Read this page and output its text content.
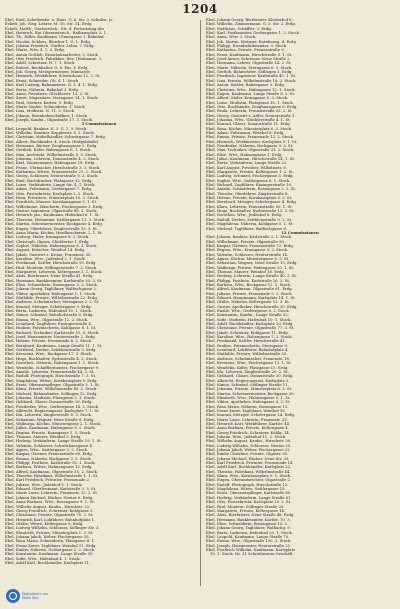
1204

Ebel, Emil, Scheibenbe. u. Hans. G. 6. Str. 3. Schulen. Jr.

Eckelt, Joh. Sieg. Lehrer. M. 16. Str. 14. Erdg.

Eckelt, Matth., Gastwirtsch., Str. 4. Fortsetzung des

Ebel, Heinrich, Rat Oberamtsrich., Rathausplatz 3. 1.

Ebel, Th., Hiller, Kaufmann, Ulmergasse 1. Bahnhof

Ebel, Nicolai, Schloss, Bleicher 1. G. 1. Erdg.

Ebel, Johann Friedrich, Gürtler, Lehm. 7. Erdg.

Ebel, Marie, Wtw. 4. 1. 3. Erdg.

Ebel, Anton Gottlob, Eisenbahnarbeiter, 3. Stock

Ebel, Otto Friedrich, Fabrikbes. Bes. (Hofmann). 1.

Ebel, Adolf, Schreiner. N. 7. 1. Stock

Ebel, Robert, Buchhalter. G. 8. Ein. 3. Erdg.

Ebel, Joh. Georg, Metzgermeister, Mansarde

Ebel, Heinrich, Werkführer, Schwörhaus 12. 2. St.

Ebel, Ernst, Schneider. Ob. 4. 1. Stock

Ebel, Karl Ludwig, Bahnmeister. G. 3. 4. 1. Erdg.

Ebel, Berta, Näherin. Bahnhof 3. Erdg.

Ebel, Anna, Privatiere, Glöcklerstr. 13. 2. St.

Ebel, Xaver, Magazinier, Sterngasse 14. 1. Stock.

Ebel, Paul, Gärtner, Karlstr. 9. Erdg.

Ebel, Marie Sophie, Schneiderin, 1. Stock

Ebel, Lina, Modistin. N. 11. 3. Stock

Ebel, Johann, Eisenbahnschaffner, 1. Stock

Ebel, Joseph, Kaufm., Olgastraße 17. 3. Stock.

5 Commissionen

Ebel, Leopold, Bankier. N. 3. G. 1. 9. Stock.

Ebel, Wilhelm, Rentner. Kepplerstr. 8. 2. Stock.

Ebel, Christian, Möbelhändler, Schwörgasse 7. Erdg.

Ebel, Albert, Buchbinder, 4. Stock. (Hofgebäude)

Ebel, Hermann, Bäcker, Zeughausgasse 2. Erdg.

Ebel, Gottlieb, Küfer, Rabengasse 6. 1. Stock.

Ebel, Max, Architekt, Wilhelmstraße 5. 3. Stock.

Ebel, Johanna, Lehrerin, Donaustraße 4. 2. Stock.

Ebel, Karl, Zimmermann, Hafengasse 18. Erdg.

Ebel, Franz, Uhrmacher, Hirschstraße 3. 1. Stock.

Ebel, Katharina, Witwe, Frauenstraße 21. 2. Stock.

Ebel, Georg, Schlosser, Neutorstraße 9. 3. Stock.

Ebel, Emil, Buchdrucker, Platzgasse 12. Erdg.

Ebel, Luise, Verkäuferin, Lange Str. 4. 1. Stock.

Ebel, Adam, Fuhrmann, Gerbergasse 7. Erdg.

Ebel, Otto, Postsekretär, Karlsplatz 2. 2. Stock.

Ebel, Rosa, Privatiere, Münsterplatz 10. 3. Stock.

Ebel, Friedrich, Maurer, Kornhausgasse 5. 1. St.

Ebel, Wilhelmine, Wäscherin, Fischergasse 3. Erdg.

Ebel, Gustav, Ingenieur, Olgastraße 88. 2. Stock.

Ebel, Heinrich jun., Kaufmann, Hafenbad 6. 1. St.

Ebel, Theresia, Hebamme, Sattlergasse 11. 2. Stock.

Ebel, Martin, Schreinermeister, Bockgasse 4. Erdg.

Ebel, Eugen, Oberlehrer, Zinglerstraße 15. 3. St.

Ebel, Anna Maria, Köchin, Herdbruckerstr. 2. 1. St.

Ebel, Ludwig, Maler, Kramgasse 8. 2. Stock.

Ebel, Christoph, Gipser, Glöcklertor 1. Erdg.

Ebel, Sophie, Näherin, Hahnengasse 6. 3. Stock.

Ebel, August, Kutscher, Weinhof 14. Erdg.

Ebel, Jakob, Gastwirt z. Krone, Frauenstr. 30.

Ebel, Karoline, Wtw., Judenhof 2. 1. Stock.

Ebel, Ferdinand, Sattler, Hirschstraße 19. Erdg.

Ebel, Paul, Monteur, Söflingerstraße 7. 2. Stock.

Ebel, Margarete, Lehrerin, Keltergasse 3. 1. Stock.

Ebel, Alois, Bierbrauer, Neue Straße 41. Erdg.

Ebel, Hermann, Bankbeamter, Karlstraße 30. 3. St.

Ebel, Elise, Schneiderin, Rosengasse 5. 2. Stock.

Ebel, Johann Georg, Taglöhner, Walfischgasse 2.

Ebel, Viktor, Apotheker, Hafengasse 1. 1. Stock.

Ebel, Mathilde, Private, Wilhelmstraße 22. Erdg.

Ebel, Andreas, Schuhmacher, Sterngasse 2. 2. St.

Ebel, Konrad, Metzger, Schelergasse 9. Erdg.

Ebel, Berta, Ladnerin, Hafenbad 15. 1. Stock.

Ebel, Simon, Schmied, Bahnhofstraße 6. Erdg.

Ebel, Emma, Wtw., Olgastraße 12. 2. Stock.

Ebel, Leonhard, Zugführer, Ensingerstraße 4.

Ebel, Pauline, Putzmacherin, Kohlgasse 8. 1. St.

Ebel, Richard, Techniker, Karlstraße 51. 3. Stock.

Ebel, Josef, Hausmeister, Neutorstraße 2. Erdg.

Ebel, Helene, Private, Promenade 6. 2. Stock.

Ebel, Bernhard, Kaufmann, Lange Straße 11. 1. St.

Ebel, Gottfried, Dreher, Zeitblomstraße 3. Erdg.

Ebel, Kreszenz, Wtw., Bockgasse 17. 3. Stock.

Ebel, Hugo, Buchhalter, Syrlinstraße 4. 2. Stock.

Ebel, Dorothea, Näherin, Rabengasse 1. 1. Stock.

Ebel, Wendelin, Schäfflermeister, Fischergasse 9.

Ebel, Amalie, Lehrerin, Frauenstraße 44. 2. St.

Ebel, Rudolf, Photograph, Hirschstraße 7. 3. St.

Ebel, Magdalena, Witwe, Kornhausplatz 5. Erdg.

Ebel, Ernst, Oberamtspfleger, Olgastraße 3. 1. St.

Ebel, Klara, Private, Wilhelmstraße 40. 2. Stock.

Ebel, Michael, Bahnarbeiter, Söflingen 12. Erdg.

Ebel, Johanna, Modistin, Platzgasse 3. 1. Stock.

Ebel, Gebhard, Glaser, Donaustraße 20. Erdg.

Ebel, Friederike, Wtw., Gerbergasse 14. 2. Stock.

Ebel, Albrecht, Regierungsrat, Karlsplatz 7. 1. St.

Ebel, Ida, Lehrerin, Zinglerstraße 6. 3. Stock.

Ebel, Sebastian, Wagner, Neue Straße 8. Erdg.

Ebel, Walburga, Köchin, Münstergasse 2. 1. Stock.

Ebel, Julius, Kaufmann, Hafengasse 9. 2. Stock.

Ebel, Regina, Private, Kramgasse 1. 3. Stock.

Ebel, Thomas, Maurer, Weinhof 3. Erdg.

Ebel, Hedwig, Verkäuferin, Lange Straße 19. 1. St.

Ebel, Valentin, Schlosser, Schwörhausgasse 4.

Ebel, Agnes, Wtw., Sattlergasse 2. 2. Stock.

Ebel, Kaspar, Gärtner, Frauenstraße 60. Erdg.

Ebel, Rosina, Näherin, Bockgasse 3. 3. Stock.

Ebel, Philipp, Postbote, Karlstraße 18. 1. Stock.

Ebel, Barbara, Witwe, Hahnengasse 12. Erdg.

Ebel, Alfred, Kaufmann, Olgastraße 55. 2. Stock.

Ebel, Theodor, Fabrikant, Wilhelmstraße 1. 1. St.

Ebel, Karl Friedrich, Privatier, Promenade 2.

Ebel, Juliane, Wtw., Judenhof 5. 1. Stock.

Ebel, Eduard, Oberleutnant, Karlstraße 3. 3. St.

Ebel, Marie Luise, Lehrerin, Frauenstr. 12. 2. St.

Ebel, Johann Michael, Bäcker, Neutor 6. Erdg.

Ebel, Anna Barbara, Wtw., Rosengasse 9. 1. St.

Ebel, Wilhelm August, Kaufm., Hirschstr. 22.

Ebel, Georg Friedrich, Schreiner, Kohlgasse 2.

Ebel, Christiane, Private, Olgastraße 70. 2. St.

Ebel, Heinrich Karl, Lokführer, Bahnhofplatz 1.

Ebel, Ottilie, Witwe, Keltergasse 8. Erdg.

Ebel, Ludwig Wilhelm, Schlosser, Söflinger Str. 3.

Ebel, Elisabeth, Private, Münsterplatz 1. 3. St.

Ebel, Johann Jakob, Weber, Fischergasse 20.

Ebel, Rosa Maria, Schneiderin, Platzgasse 8. 1.

Ebel, Franz Xaver, Taglöhner, Weinhof 11. Erdg.

Ebel, Emilie, Näherin, Gerbergasse 2. 2. Stock.

Ebel, Konstantin, Kaufmann, Lange Straße 30.

Ebel, Sofie, Wtw., Hafenbad 4. 1. Stock.

Ebel, Adolf Karl, Buchhändler, Karlsplatz 11.

Ebel, Johann Georg, Bierbrauer. Klosterhof 6.

Ebel, Wilhelm, Zimmermann. G. 5. Str. 2. Erdg.

Ebel, Matthäus, Schäffler. 3. Erdg.

Ebel, Karl, Postbeamter, Gerbergasse 1. 2. Stock.

Ebel, Anna, Wtw. 2. Stock.

Ebel, Joh. Martin, Metzger, Kornhausg. 4. Erdg.

Ebel, Philipp, Eisenbahnbeamter, 3. Stock

Ebel, Katharina, Private, Frauenstraße 9.

Ebel, Ernst, Kaufmann, Hirschstraße 5. 1. St.

Ebel, Josef Anton, Schreiner, Neue Straße 2.

Ebel, Hermann, Lehrer, Olgastraße 14. 2. St.

Ebel, Marie, Näherin, Sterngasse 6. 3. Stock.

Ebel, Gottlob, Bahnwärter, Söflingen 2. Erdg.

Ebel, Friedrich, Ingenieur, Karlstraße 40. 1. St.

Ebel, Lina, Private, Wilhelmstraße 18. 2. Stock.

Ebel, Anton, Sattler, Rabengasse 3. Erdg.

Ebel, Christine, Wtw., Hafengasse 12. 1. Stock.

Ebel, Eugen, Kaufmann, Lange Straße 8. 2. St.

Ebel, Albert, Maler, Kramgasse 5. 3. Stock.

Ebel, Luise, Modistin, Platzgasse 10. 1. Stock.

Ebel, Otto, Buchbinder, Zeughausgasse 6. Erdg.

Ebel, Paula, Lehrerin, Frauenstraße 33. 2. St.

Ebel, Georg, Gastwirt z. Adler, Neutorstraße 1.

Ebel, Johanna, Wtw., Glöcklerstraße 4. 1. St.

Ebel, Konrad, Glaser, Donaustraße 11. Erdg.

Ebel, Rosa, Köchin, Münsterplatz 6. 3. Stock.

Ebel, Adam, Fuhrmann, Weinhof 8. Erdg.

Ebel, Emma, Private, Promenade 12. 2. Stock.

Ebel, Heinrich, Werkmeister, Karlsplatz 9. 1. St.

Ebel, Friederike, Näherin, Bockgasse 9. 3. St.

Ebel, Max, Techniker, Olgastraße 31. 2. Stock.

Ebel, Elise, Wtw., Hahnengasse 1. Erdg.

Ebel, Julius, Kaufmann, Hirschstraße 14. 1. St.

Ebel, Berta, Verkäuferin, Lange Straße 22.

Ebel, Karl August, Privatier, Wilhelmstr. 9.

Ebel, Margarete, Private, Keltergasse 1. 2. St.

Ebel, Ludwig, Schmied, Fischergasse 5. Erdg.

Ebel, Sophie, Wtw., Sattlergasse 8. 1. Stock.

Ebel, Richard, Zugführer, Ensingerstraße 10.

Ebel, Amalie, Schneiderin, Rosengasse 2. 3. St.

Ebel, Theodor, Oberlehrer, Zinglerstraße 8.

Ebel, Helene, Private, Kornhausplatz 3. 2. St.

Ebel, Bernhard, Metzger, Schelergasse 4. Erdg.

Ebel, Klara, Lehrerin, Frauenstraße 50. 1. St.

Ebel, Hugo, Buchhalter, Syrlinstraße 12. 3. St.

Ebel, Dorothea, Wtw., Judenhof 8. Erdg.

Ebel, Rudolf, Dreher, Zeitblomstraße 9. 2. St.

Ebel, Magdalena, Näherin, Kohlgasse 5. 1. St.

Ebel, Michael, Taglöhner, Walfischgasse 6.

12 Commissionen

Ebel, Johann, Bankier, Karlstraße 2. 1. Stock.

Ebel, Wilhelmine, Private, Olgastraße 90.

Ebel, Kaspar, Gärtner, Frauenstraße 72. Erdg.

Ebel, Regina, Wtw., Kramgasse 9. 2. Stock.

Ebel, Valentin, Schlosser, Neutorstraße 14.

Ebel, Agnes, Köchin, Münstergasse 5. 3. St.

Ebel, Sebastian, Wagner, Neue Straße 15. Erdg.

Ebel, Walburga, Private, Hafengasse 20. 1. St.

Ebel, Thomas, Maurer, Weinhof 16. Erdg.

Ebel, Hedwig, Lehrerin, Lange Straße 40. 2. St.

Ebel, Philipp, Postbote, Karlstraße 26. 3. St.

Ebel, Barbara, Wtw., Bockgasse 12. 1. Stock.

Ebel, Alfred, Kaufmann, Olgastraße 61. Erdg.

Ebel, Juliane, Private, Promenade 9. 2. Stock.

Ebel, Eduard, Hauptmann, Karlsplatz 14. 1. St.

Ebel, Ottilie, Näherin, Keltergasse 12. 3. St.

Ebel, Gustav, Apotheker, Hirschstraße 30. Erdg.

Ebel, Emilie, Wtw., Gerbergasse 8. 2. Stock.

Ebel, Konstantin, Kaufm., Lange Straße 52.

Ebel, Sofie, Modistin, Hafenbad 10. 1. Stock.

Ebel, Adolf, Buchhändler, Karlsplatz 20. Erdg.

Ebel, Christiane, Private, Olgastraße 77. 3. St.

Ebel, Jakob, Schreiner, Kohlgasse 11. Erdg.

Ebel, Karoline, Wtw., Rabengasse 7. 2. Stock.

Ebel, Ferdinand, Sattler, Hirschstraße 41.

Ebel, Pauline, Putzmacherin, Sterngasse 9.

Ebel, Leonhard, Lokführer, Bahnhofplatz 4.

Ebel, Mathilde, Private, Wilhelmstraße 33.

Ebel, Andreas, Schuhmacher, Frauenstr. 18.

Ebel, Kreszenz, Wtw., Fischergasse 13. 1. St.

Ebel, Wendelin, Küfer, Platzgasse 15. Erdg.

Ebel, Ida, Lehrerin, Zinglerstraße 20. 2. St.

Ebel, Gebhard, Glaser, Donaustraße 30. Erdg.

Ebel, Albrecht, Regierungsrat, Karlsplatz 3.

Ebel, Simon, Schmied, Söflinger Straße 11.

Ebel, Johanna, Private, Münsterplatz 8. 3. St.

Ebel, Martin, Schreinermeister, Bockgasse 20.

Ebel, Elisabeth, Wtw., Hahnengasse 5. 1. St.

Ebel, Viktor, Apotheker, Hafengasse 3. 2. St.

Ebel, Rosa Maria, Näherin, Rosengasse 11.

Ebel, Franz Xaver, Taglöhner, Weinhof 19.

Ebel, Konrad, Metzger, Schelergasse 14. Erdg.

Ebel, Marie Luise, Lehrerin, Frauenstr. 25.

Ebel, Heinrich Karl, Werkführer, Karlstr. 44.

Ebel, Anna Barbara, Private, Keltergasse 4.

Ebel, Georg Friedrich, Schreiner, Kohlg. 14.

Ebel, Juliane, Wtw., Judenhof 11. 2. Stock.

Ebel, Wilhelm August, Kaufm., Hirschstr. 50.

Ebel, Ludwig Wilhelm, Schlosser, Neutor 20.

Ebel, Johann Jakob, Weber, Fischergasse 22.

Ebel, Emilie Christine, Private, Olgastr. 95.

Ebel, Johann Michael, Bäcker, Neue Str. 33.

Ebel, Karl Friedrich, Privatier, Promenade 14.

Ebel, Adolf Karl, Buchhändler, Karlsplatz 22.

Ebel, Theodor, Fabrikant, Wilhelmstraße 44.

Ebel, Klara, Wtw., Kornhausplatz 9. 1. Stock.

Ebel, Eugen, Oberamtsrichter, Olgastraße 2.

Ebel, Rudolf, Photograph, Hirschstraße 12.

Ebel, Magdalena, Witwe, Sattlergasse 15.

Ebel, Ernst, Oberamtspfleger, Karlstraße 60.

Ebel, Hedwig, Verkäuferin, Lange Straße 61.

Ebel, Otto, Postsekretär, Karlsplatz 25. 2. St.

Ebel, Paul, Monteur, Söflinger Straße 20.

Ebel, Margarete, Private, Keltergasse 14.

Ebel, Alois, Bierbrauer, Neue Straße 48. Erdg.

Ebel, Hermann, Bankbeamter, Karlstr. 70. 3.

Ebel, Elise, Schneiderin, Rosengasse 15. 2.

Ebel, Johann Georg, Taglöhner, Walfischg. 9.

Ebel, Berta, Ladnerin, Hafenbad 20. 1. Stock.

Ebel, Leopold, Kaufmann, Lange Straße 70.

Ebel, Emma, Wtw., Olgastraße 100. 2. Stock.

Ebel, Joseph, Hausmeister, Neutorstraße 25.

Ebel, Friedrich Wilhelm, Kaufmann, Karlsplatz

30. 1. Stock. Nr. 31 Schreibwaren-Geschäft.

Digitalisiert von
Stadt Ulm
